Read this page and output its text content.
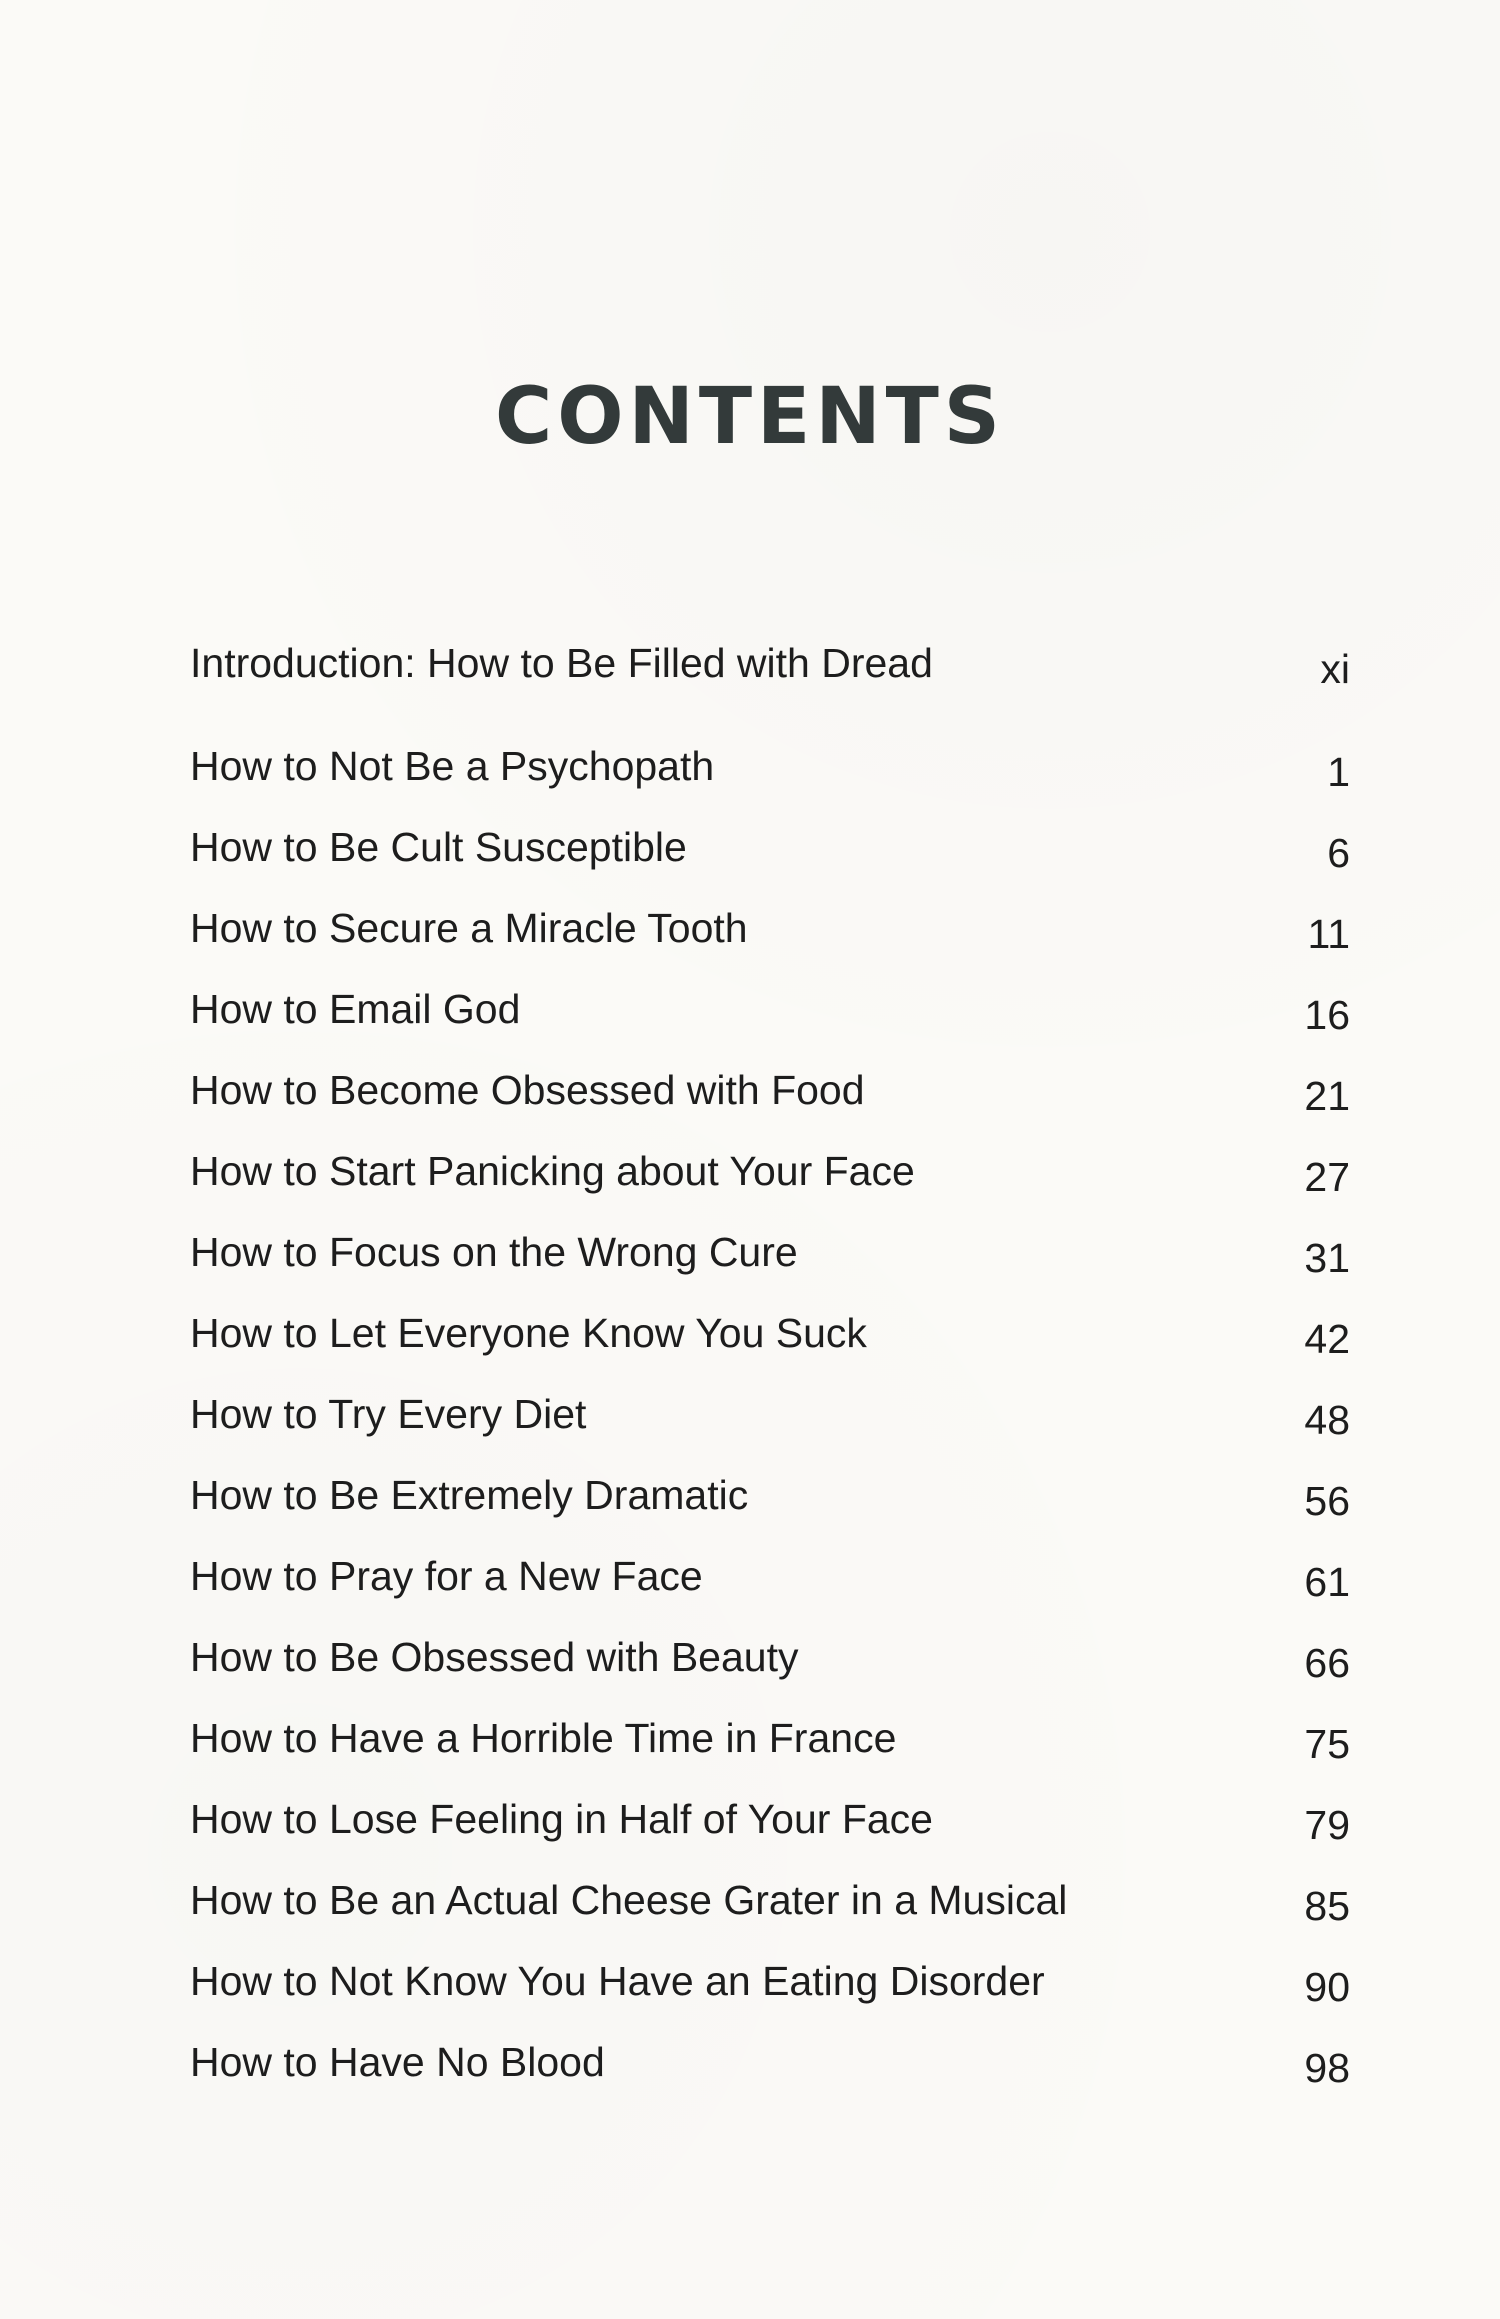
CONTENTS
Introduction: How to Be Filled with Dread	xi
How to Not Be a Psychopath	1
How to Be Cult Susceptible	6
How to Secure a Miracle Tooth	11
How to Email God	16
How to Become Obsessed with Food	21
How to Start Panicking about Your Face	27
How to Focus on the Wrong Cure	31
How to Let Everyone Know You Suck	42
How to Try Every Diet	48
How to Be Extremely Dramatic	56
How to Pray for a New Face	61
How to Be Obsessed with Beauty	66
How to Have a Horrible Time in France	75
How to Lose Feeling in Half of Your Face	79
How to Be an Actual Cheese Grater in a Musical	85
How to Not Know You Have an Eating Disorder	90
How to Have No Blood	98
